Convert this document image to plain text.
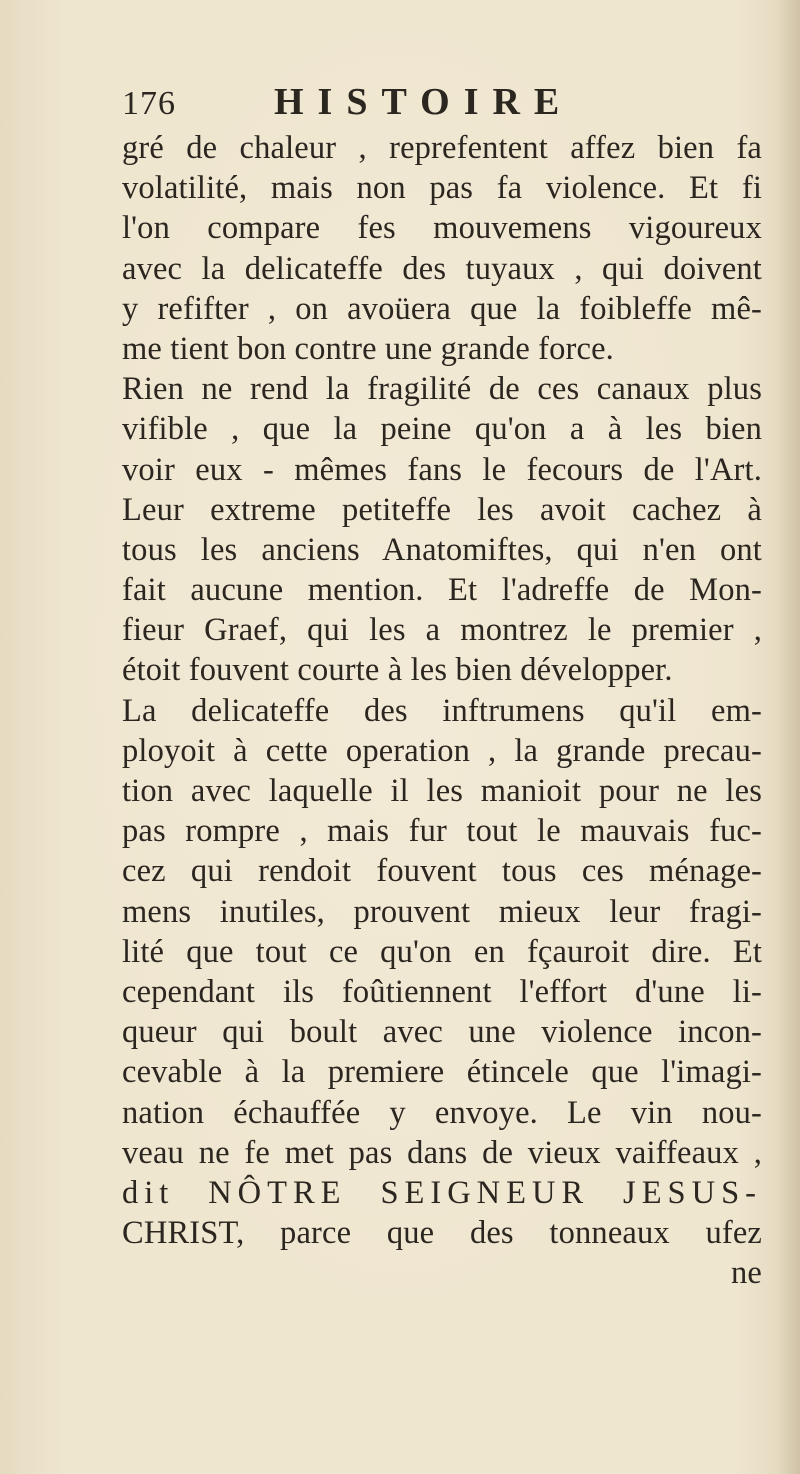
176	HISTOIRE
gré de chaleur , reprefentent affez bien fa
volatilité, mais non pas fa violence. Et fi
l'on compare fes mouvemens vigoureux
avec la delicateffe des tuyaux , qui doivent
y refifter , on avoüera que la foibleffe mê-
me tient bon contre une grande force.
Rien ne rend la fragilité de ces canaux plus
vifible , que la peine qu'on a à les bien
voir eux - mêmes fans le fecours de l'Art.
Leur extreme petiteffe les avoit cachez à
tous les anciens Anatomiftes, qui n'en ont
fait aucune mention. Et l'adreffe de Mon-
fieur Graef, qui les a montrez le premier ,
étoit fouvent courte à les bien développer.
La delicateffe des inftrumens qu'il em-
ployoit à cette operation , la grande precau-
tion avec laquelle il les manioit pour ne les
pas rompre , mais fur tout le mauvais fuc-
cez qui rendoit fouvent tous ces ménage-
mens inutiles, prouvent mieux leur fragi-
lité que tout ce qu'on en fçauroit dire. Et
cependant ils foûtiennent l'effort d'une li-
queur qui boult avec une violence incon-
cevable à la premiere étincele que l'imagi-
nation échauffée y envoye. Le vin nou-
veau ne fe met pas dans de vieux vaiffeaux ,
dit NÔTRE SEIGNEUR JESUS-
CHRIST, parce que des tonneaux ufez
ne
